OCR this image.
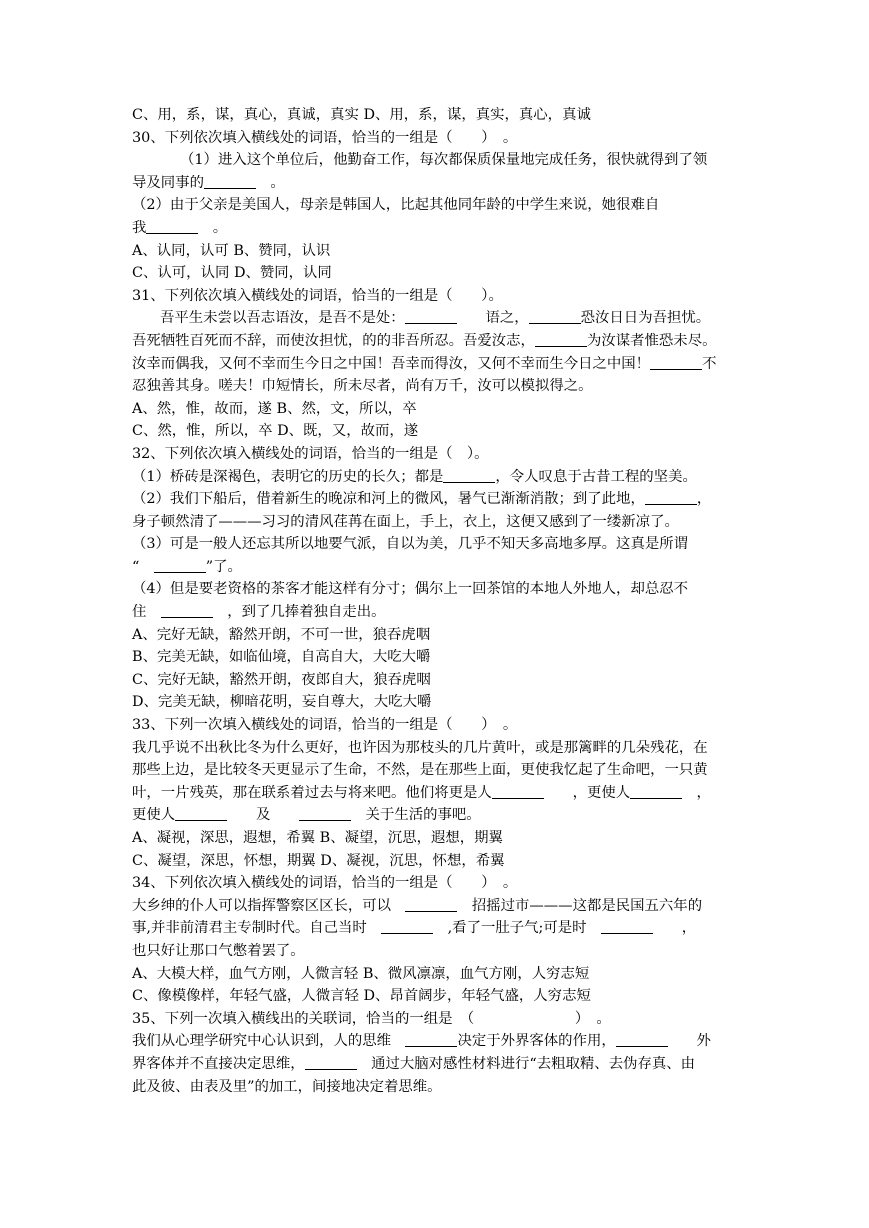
C、用，系，谋，真心，真诚，真实 D、用，系，谋，真实，真心，真诚
30、下列依次填入横线处的词语，恰当的一组是（　　）　。
（1）进入这个单位后，他勤奋工作，每次都保质保量地完成任务，很快就得到了领
导及同事的	　。
（2）由于父亲是美国人，母亲是韩国人，比起其他同年龄的中学生来说，她很难自
我	　。
A、认同，认可 B、赞同，认识
C、认可，认同 D、赞同，认同
31、下列依次填入横线处的词语，恰当的一组是（　　）。
吾平生未尝以吾志语汝，是吾不是处：	　　语之，	恐汝日日为吾担忧。
吾死牺牲百死而不辞，而使汝担忧，的的非吾所忍。吾爱汝志，	为汝谋者惟恐未尽。
汝幸而偶我，又何不幸而生今日之中国！吾幸而得汝，又何不幸而生今日之中国！	不
忍独善其身。嗟夫！巾短情长，所未尽者，尚有万千，汝可以模拟得之。
A、然，惟，故而，遂 B、然，文，所以，卒
C、然，惟，所以，卒 D、既，又，故而，遂
32、下列依次填入横线处的词语，恰当的一组是（　）。
（1）桥砖是深褐色，表明它的历史的长久；都是	，令人叹息于古昔工程的坚美。
（2）我们下船后，借着新生的晚凉和河上的微风，暑气已渐渐消散；到了此地，	，
身子顿然清了———习习的清风荏苒在面上，手上，衣上，这便又感到了一缕新凉了。
（3）可是一般人还忘其所以地要气派，自以为美，几乎不知天多高地多厚。这真是所谓
“　	”了。
（4）但是要老资格的茶客才能这样有分寸；偶尔上一回茶馆的本地人外地人，却总忍不
住　	　，到了几捧着独自走出。
A、完好无缺，豁然开朗，不可一世，狼吞虎咽
B、完美无缺，如临仙境，自高自大，大吃大嚼
C、完好无缺，豁然开朗，夜郎自大，狼吞虎咽
D、完美无缺，柳暗花明，妄自尊大，大吃大嚼
33、下列一次填入横线处的词语，恰当的一组是（　　）　。
我几乎说不出秋比冬为什么更好，也许因为那枝头的几片黄叶，或是那篱畔的几朵残花，在
那些上边，是比较冬天更显示了生命，不然，是在那些上面，更使我忆起了生命吧，一只黄
叶，一片残英，那在联系着过去与将来吧。他们将更是人	　　，更使人	　，
更使人	　　及　　	　关于生活的事吧。
A、凝视，深思，遐想，希翼 B、凝望，沉思，遐想，期翼
C、凝望，深思，怀想，期翼 D、凝视，沉思，怀想，希翼
34、下列依次填入横线处的词语，恰当的一组是（　　）　。
大乡绅的仆人可以指挥警察区区长，可以　	　招摇过市———这都是民国五六年的
事,并非前清君主专制时代。自己当时　	　,看了一肚子气;可是时　	　　，
也只好让那口气憋着罢了。
A、大模大样，血气方刚，人微言轻 B、微风凛凛，血气方刚，人穷志短
C、像模像样，年轻气盛，人微言轻 D、昂首阔步，年轻气盛，人穷志短
35、下列一次填入横线出的关联词，恰当的一组是　（　　　　　　　）　。
我们从心理学研究中心认识到，人的思维　	决定于外界客体的作用，	　　外
界客体并不直接决定思维，	　通过大脑对感性材料进行“去粗取精、去伪存真、由
此及彼、由表及里”的加工，间接地决定着思维。
